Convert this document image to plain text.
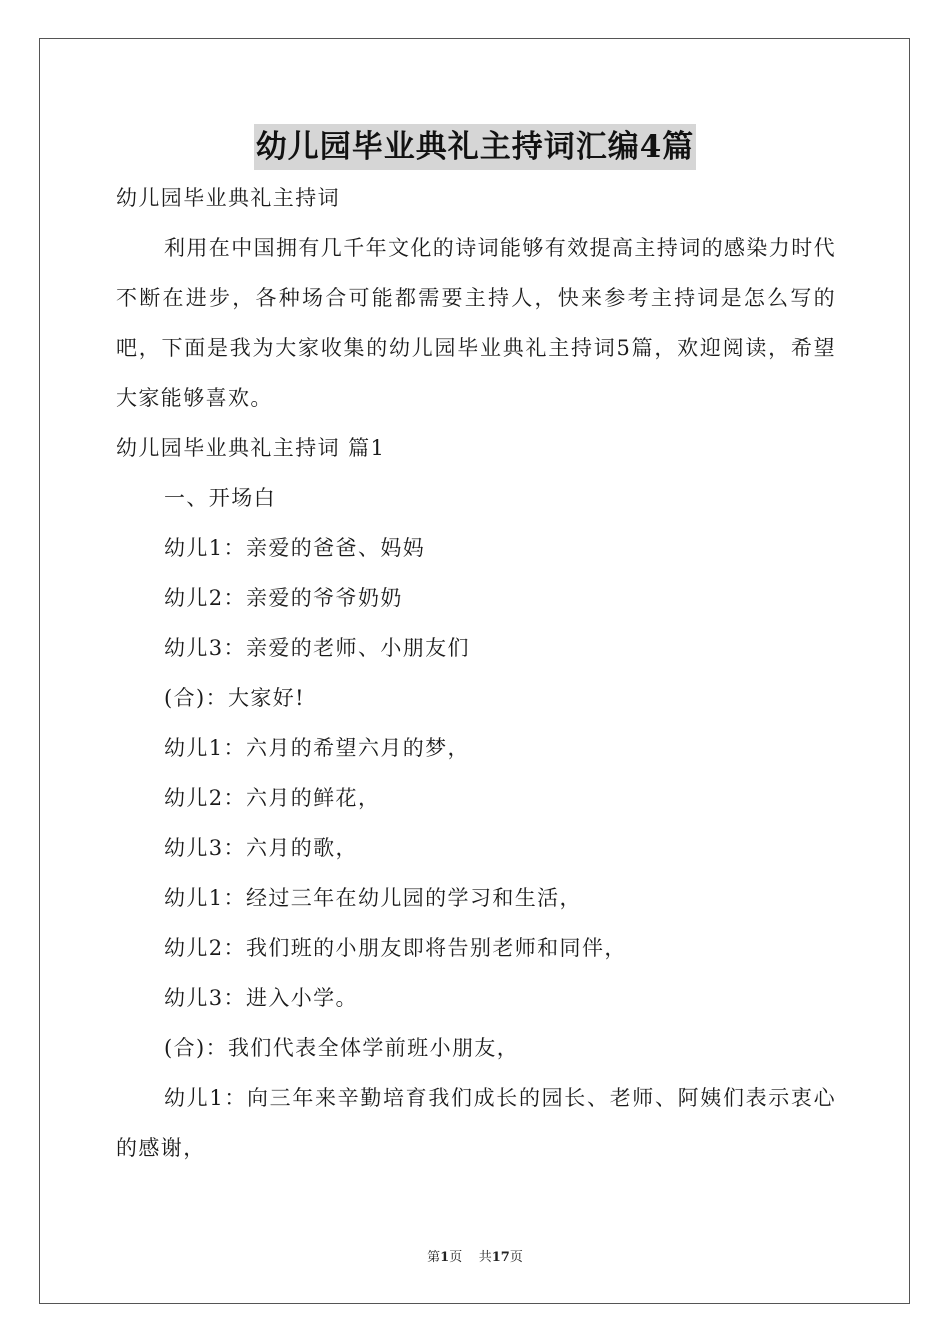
幼儿园毕业典礼主持词汇编4篇

幼儿园毕业典礼主持词

利用在中国拥有几千年文化的诗词能够有效提高主持词的感染力时代不断在进步，各种场合可能都需要主持人，快来参考主持词是怎么写的吧，下面是我为大家收集的幼儿园毕业典礼主持词5篇，欢迎阅读，希望大家能够喜欢。

幼儿园毕业典礼主持词 篇1

一、开场白

幼儿1：亲爱的爸爸、妈妈

幼儿2：亲爱的爷爷奶奶

幼儿3：亲爱的老师、小朋友们

(合)：大家好!

幼儿1：六月的希望六月的梦，

幼儿2：六月的鲜花，

幼儿3：六月的歌，

幼儿1：经过三年在幼儿园的学习和生活，

幼儿2：我们班的小朋友即将告别老师和同伴，

幼儿3：进入小学。

(合)：我们代表全体学前班小朋友，

幼儿1：向三年来辛勤培育我们成长的园长、老师、阿姨们表示衷心的感谢，

第1页 共17页
